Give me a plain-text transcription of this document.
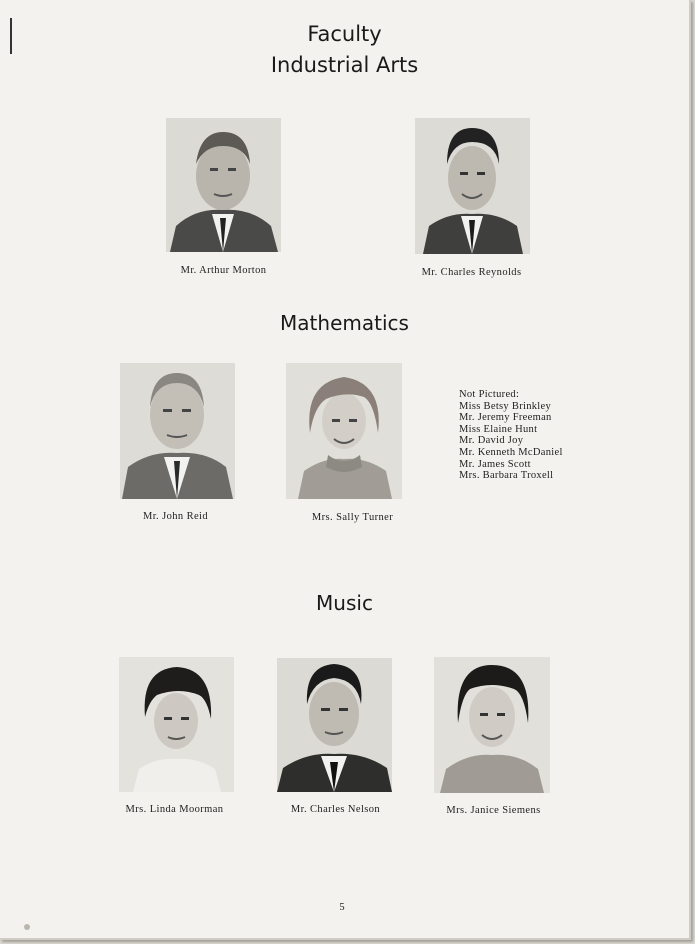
Faculty
Industrial Arts
Mr. Arthur Morton	Mr. Charles Reynolds
Mathematics
Mr. John Reid	Mrs. Sally Turner
Not Pictured:
Miss Betsy Brinkley
Mr. Jeremy Freeman
Miss Elaine Hunt
Mr. David Joy
Mr. Kenneth McDaniel
Mr. James Scott
Mrs. Barbara Troxell
Music
Mrs. Linda Moorman	Mr. Charles Nelson	Mrs. Janice Siemens
5
